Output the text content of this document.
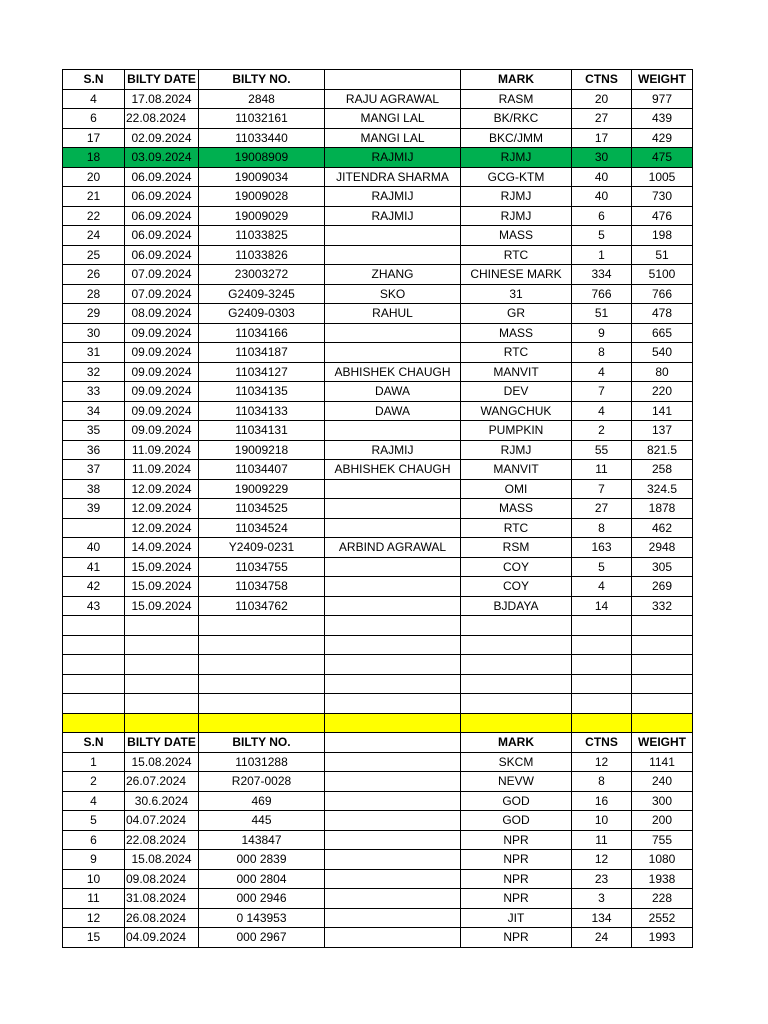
S.N	BILTY DATE	BILTY NO.		MARK	CTNS	WEIGHT
4	17.08.2024	2848	RAJU AGRAWAL	RASM	20	977
6	22.08.2024	11032161	MANGI LAL	BK/RKC	27	439
17	02.09.2024	11033440	MANGI LAL	BKC/JMM	17	429
18	03.09.2024	19008909	RAJMIJ	RJMJ	30	475
20	06.09.2024	19009034	JITENDRA SHARMA	GCG-KTM	40	1005
21	06.09.2024	19009028	RAJMIJ	RJMJ	40	730
22	06.09.2024	19009029	RAJMIJ	RJMJ	6	476
24	06.09.2024	11033825		MASS	5	198
25	06.09.2024	11033826		RTC	1	51
26	07.09.2024	23003272	ZHANG	CHINESE MARK	334	5100
28	07.09.2024	G2409-3245	SKO	31	766	766
29	08.09.2024	G2409-0303	RAHUL	GR	51	478
30	09.09.2024	11034166		MASS	9	665
31	09.09.2024	11034187		RTC	8	540
32	09.09.2024	11034127	ABHISHEK CHAUGH	MANVIT	4	80
33	09.09.2024	11034135	DAWA	DEV	7	220
34	09.09.2024	11034133	DAWA	WANGCHUK	4	141
35	09.09.2024	11034131		PUMPKIN	2	137
36	11.09.2024	19009218	RAJMIJ	RJMJ	55	821.5
37	11.09.2024	11034407	ABHISHEK CHAUGH	MANVIT	11	258
38	12.09.2024	19009229		OMI	7	324.5
39	12.09.2024	11034525		MASS	27	1878
	12.09.2024	11034524		RTC	8	462
40	14.09.2024	Y2409-0231	ARBIND AGRAWAL	RSM	163	2948
41	15.09.2024	11034755		COY	5	305
42	15.09.2024	11034758		COY	4	269
43	15.09.2024	11034762		BJDAYA	14	332

S.N	BILTY DATE	BILTY NO.		MARK	CTNS	WEIGHT
1	15.08.2024	11031288		SKCM	12	1141
2	26.07.2024	R207-0028		NEVW	8	240
4	30.6.2024	469		GOD	16	300
5	04.07.2024	445		GOD	10	200
6	22.08.2024	143847		NPR	11	755
9	15.08.2024	000 2839		NPR	12	1080
10	09.08.2024	000 2804		NPR	23	1938
11	31.08.2024	000 2946		NPR	3	228
12	26.08.2024	0 143953		JIT	134	2552
15	04.09.2024	000 2967		NPR	24	1993
